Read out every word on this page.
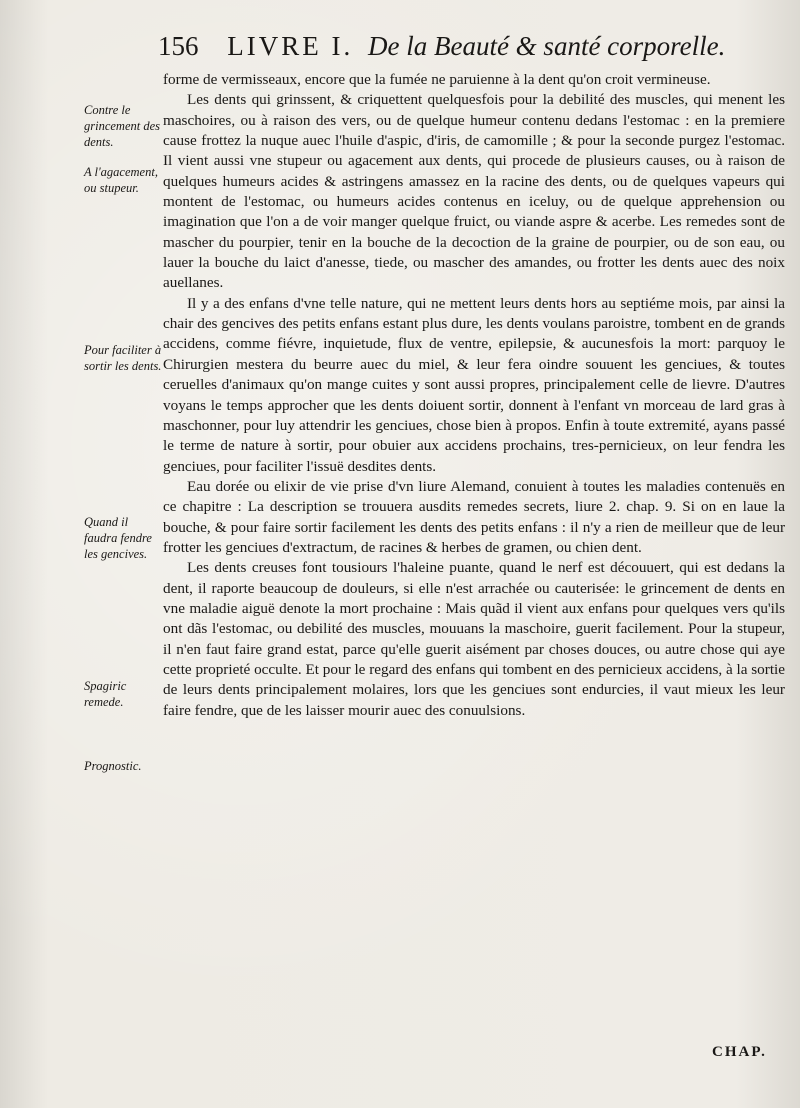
156 LIVRE I. De la Beauté & santé corporelle.
Contre le grincement des dents.
A l'agacement, ou stupeur.
Pour faciliter à sortir les dents.
Quand il faudra fendre les gencives.
Spagiric remede.
Prognostic.

forme de vermisseaux, encore que la fumée ne paruienne à la dent qu'on croit vermineuse.

Les dents qui grinssent, & criquettent quelquesfois pour la debilité des muscles, qui menent les maschoires, ou à raison des vers, ou de quelque humeur contenu dedans l'estomac : en la premiere cause frottez la nuque auec l'huile d'aspic, d'iris, de camomille ; & pour la seconde purgez l'estomac. Il vient aussi vne stupeur ou agacement aux dents, qui procede de plusieurs causes, ou à raison de quelques humeurs acides & astringens amassez en la racine des dents, ou de quelques vapeurs qui montent de l'estomac, ou humeurs acides contenus en iceluy, ou de quelque apprehension ou imagination que l'on a de voir manger quelque fruict, ou viande aspre & acerbe. Les remedes sont de mascher du pourpier, tenir en la bouche de la decoction de la graine de pourpier, ou de son eau, ou lauer la bouche du laict d'anesse, tiede, ou mascher des amandes, ou frotter les dents auec des noix auellanes.

Il y a des enfans d'vne telle nature, qui ne mettent leurs dents hors au septiéme mois, par ainsi la chair des gencives des petits enfans estant plus dure, les dents voulans paroistre, tombent en de grands accidens, comme fiévre, inquietude, flux de ventre, epilepsie, & aucunesfois la mort: parquoy le Chirurgien mestera du beurre auec du miel, & leur fera oindre souuent les genciues, & toutes ceruelles d'animaux qu'on mange cuites y sont aussi propres, principalement celle de lievre. D'autres voyans le temps approcher que les dents doiuent sortir, donnent à l'enfant vn morceau de lard gras à maschonner, pour luy attendrir les genciues, chose bien à propos. Enfin à toute extremité, ayans passé le terme de nature à sortir, pour obuier aux accidens prochains, tres-pernicieux, on leur fendra les genciues, pour faciliter l'issuë desdites dents.

Eau dorée ou elixir de vie prise d'vn liure Alemand, conuient à toutes les maladies contenuës en ce chapitre : La description se trouuera ausdits remedes secrets, liure 2. chap. 9. Si on en laue la bouche, & pour faire sortir facilement les dents des petits enfans : il n'y a rien de meilleur que de leur frotter les genciues d'extractum, de racines & herbes de gramen, ou chien dent.

Les dents creuses font tousiours l'haleine puante, quand le nerf est découuert, qui est dedans la dent, il raporte beaucoup de douleurs, si elle n'est arrachée ou cauterisée: le grincement de dents en vne maladie aiguë denote la mort prochaine : Mais quãd il vient aux enfans pour quelques vers qu'ils ont dãs l'estomac, ou debilité des muscles, mouuans la maschoire, guerit facilement. Pour la stupeur, il n'en faut faire grand estat, parce qu'elle guerit aisément par choses douces, ou autre chose qui aye cette proprieté occulte. Et pour le regard des enfans qui tombent en des pernicieux accidens, à la sortie de leurs dents principalement molaires, lors que les genciues sont endurcies, il vaut mieux les leur faire fendre, que de les laisser mourir auec des conuulsions.

CHAP.
